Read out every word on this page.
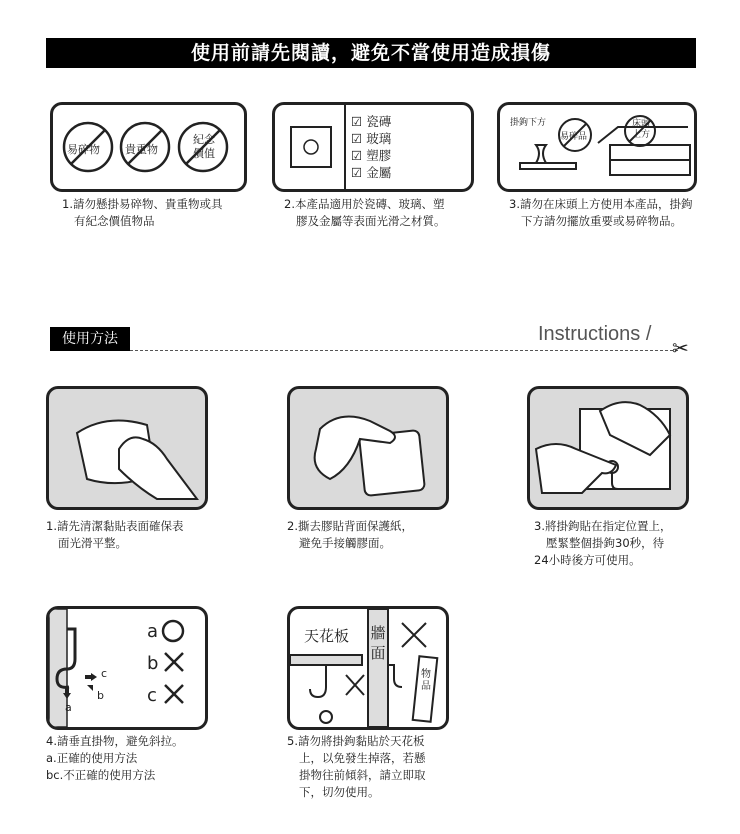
使用前請先閱讀，避免不當使用造成損傷
易碎物 貴重物
紀念價值
1.請勿懸掛易碎物、貴重物或具
有紀念價值物品
☑ 瓷磚
☑ 玻璃
☑ 塑膠
☑ 金屬
2.本產品適用於瓷磚、玻璃、塑
膠及金屬等表面光滑之材質。
掛鉤下方
易碎品
床頭上方
3.請勿在床頭上方使用本產品，掛鉤
下方請勿擺放重要或易碎物品。
使用方法	Instructions /
✂
1.請先清潔黏貼表面確保表
面光滑平整。
2.撕去膠貼背面保護紙，
避免手接觸膠面。
3.將掛鉤貼在指定位置上，
壓緊整個掛鉤30秒，待
24小時後方可使用。
a
b
c
c
b
a
4.請垂直掛物，避免斜拉。
a.正確的使用方法
bc.不正確的使用方法
天花板 牆面
物品
5.請勿將掛鉤黏貼於天花板
上，以免發生掉落，若懸
掛物往前傾斜，請立即取
下，切勿使用。
